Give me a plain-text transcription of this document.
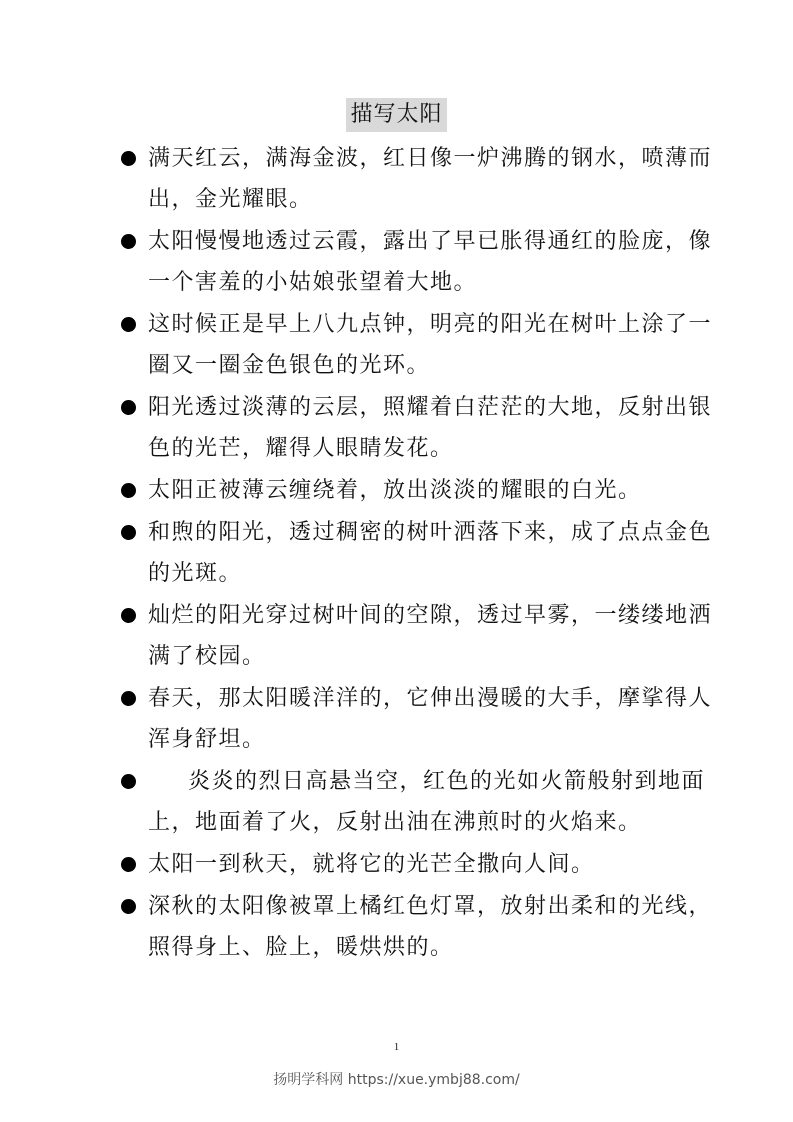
描写太阳
满天红云，满海金波，红日像一炉沸腾的钢水，喷薄而出，金光耀眼。
太阳慢慢地透过云霞，露出了早已胀得通红的脸庞，像一个害羞的小姑娘张望着大地。
这时候正是早上八九点钟，明亮的阳光在树叶上涂了一圈又一圈金色银色的光环。
阳光透过淡薄的云层，照耀着白茫茫的大地，反射出银色的光芒，耀得人眼睛发花。
太阳正被薄云缠绕着，放出淡淡的耀眼的白光。
和煦的阳光，透过稠密的树叶洒落下来，成了点点金色的光斑。
灿烂的阳光穿过树叶间的空隙，透过早雾，一缕缕地洒满了校园。
春天，那太阳暖洋洋的，它伸出漫暖的大手，摩挲得人浑身舒坦。
炎炎的烈日高悬当空，红色的光如火箭般射到地面上，地面着了火，反射出油在沸煎时的火焰来。
太阳一到秋天，就将它的光芒全撒向人间。
深秋的太阳像被罩上橘红色灯罩，放射出柔和的光线，照得身上、脸上，暖烘烘的。
1
扬明学科网 https://xue.ymbj88.com/
